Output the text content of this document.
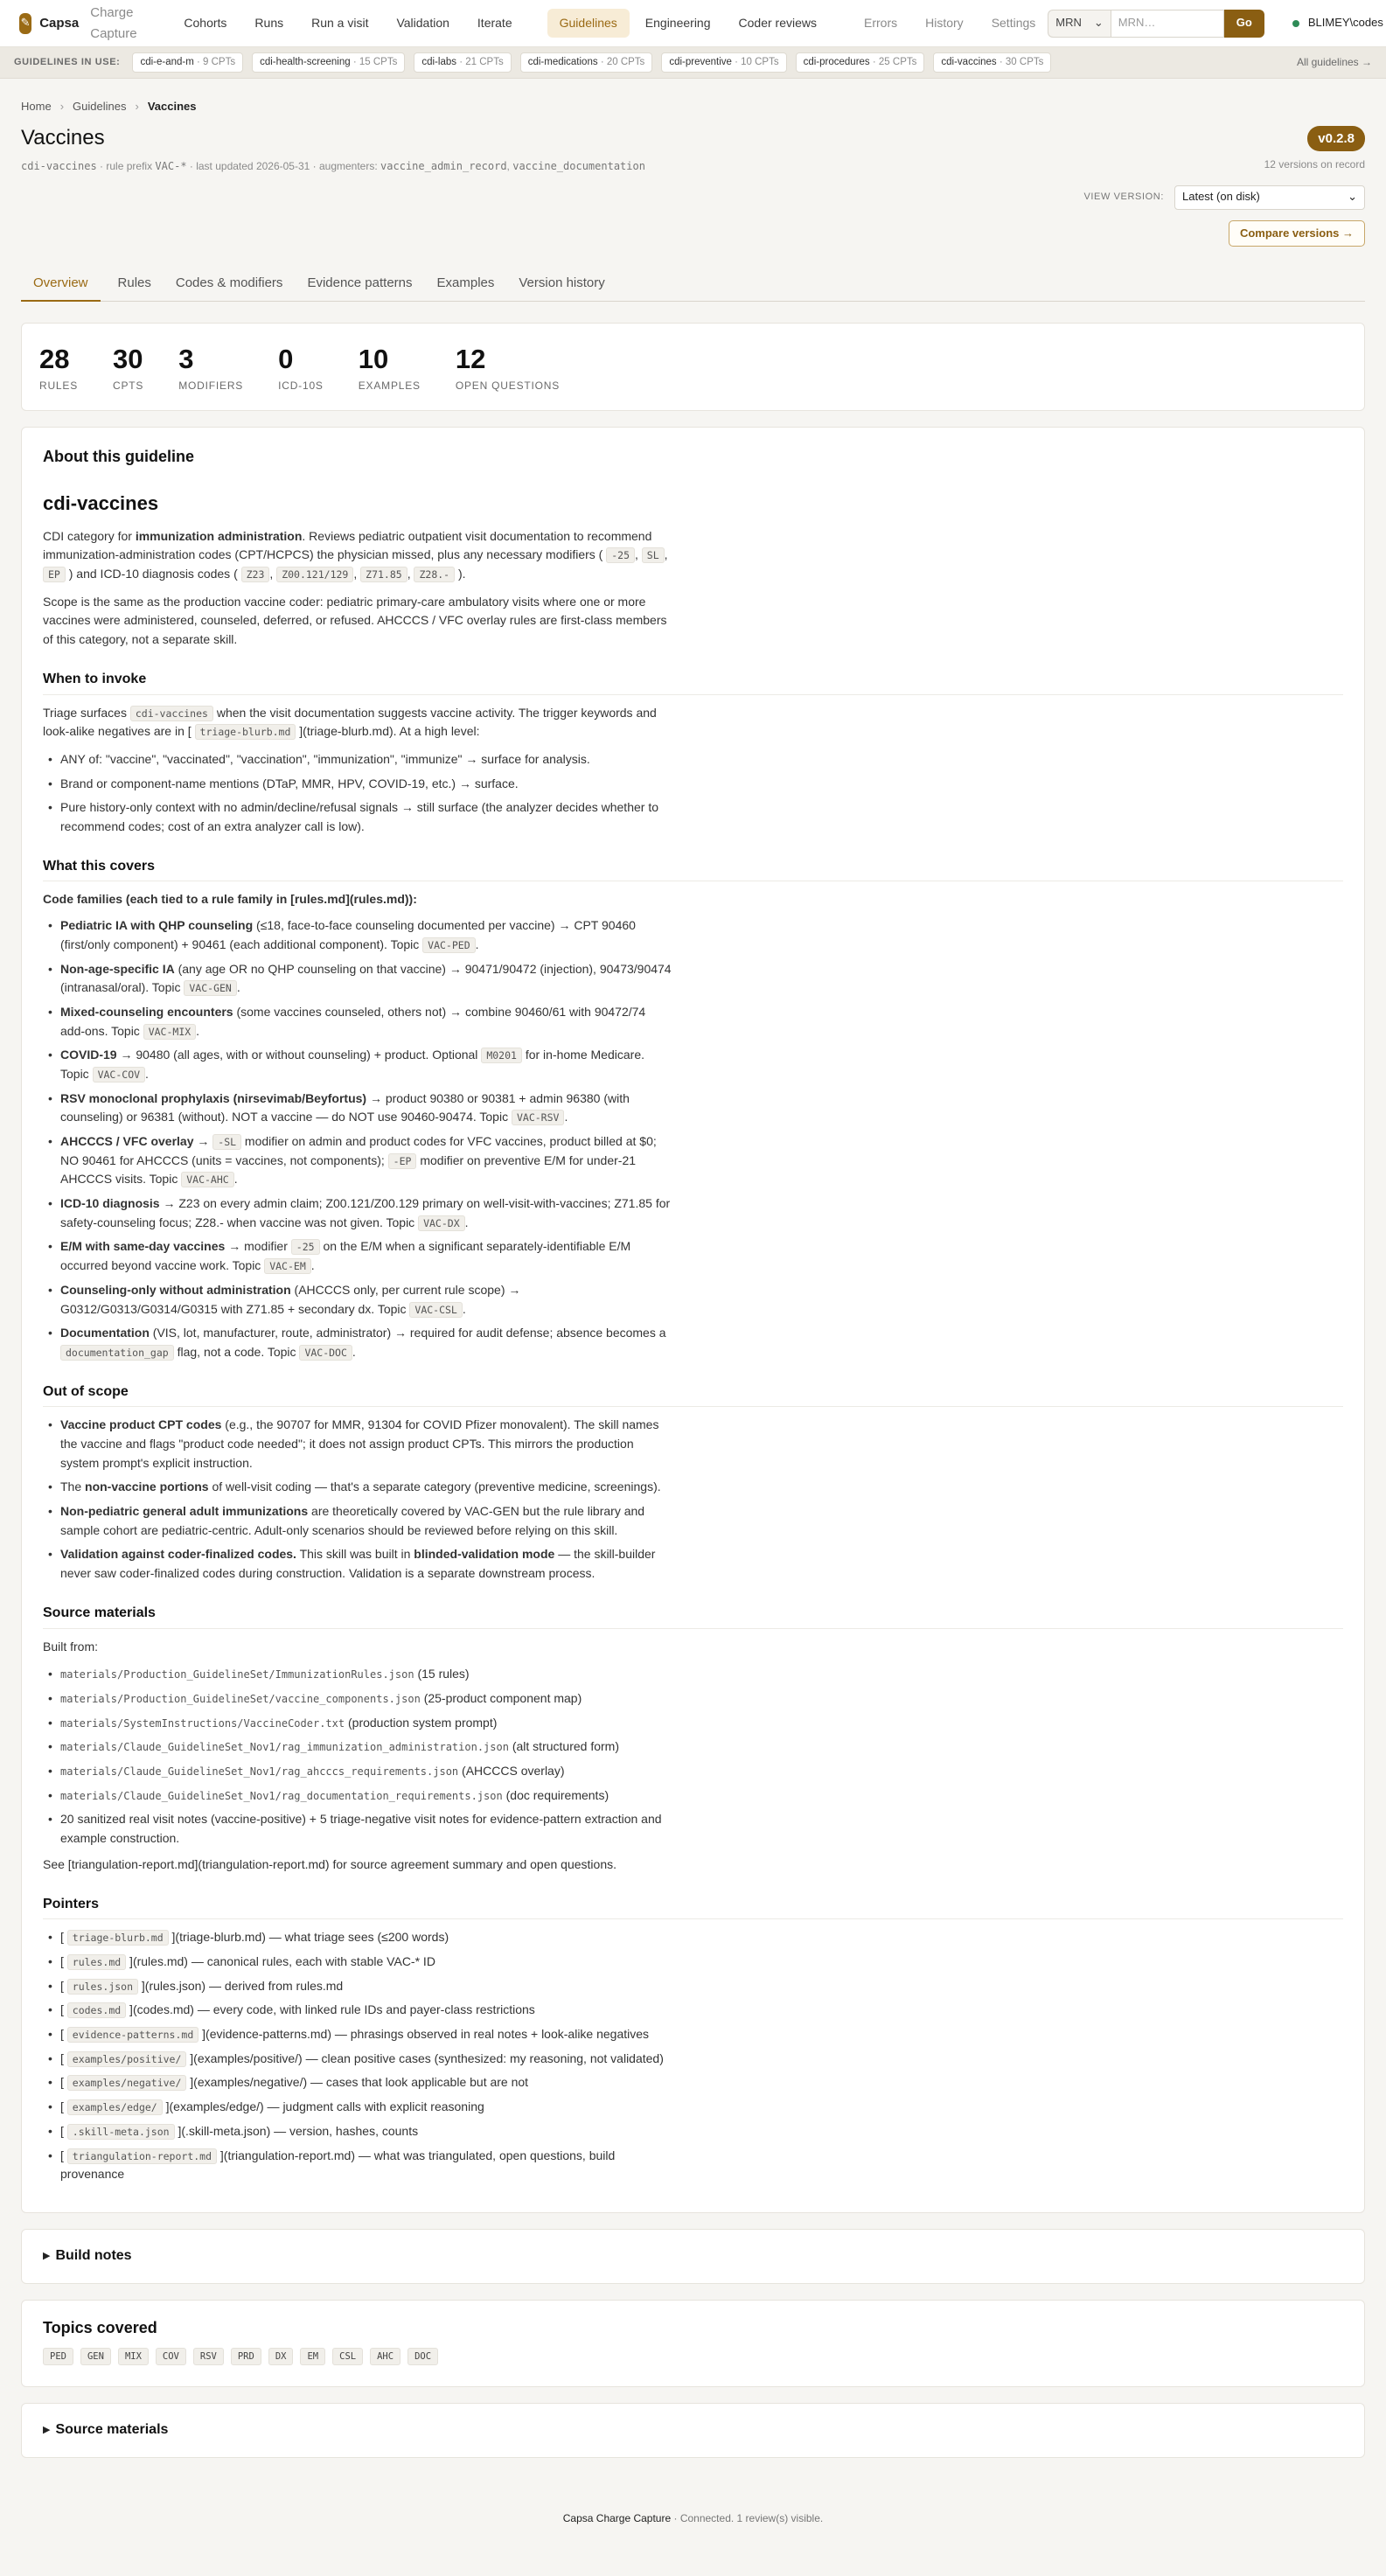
✎ Capsa
Charge Capture
Cohorts	Runs	Run a visit	Validation	Iterate	Guidelines	Engineering	Coder reviews	Errors	History	Settings	MRN ⌄	MRN…	Go	BLIMEY\codes
GUIDELINES IN USE:	cdi-e-and-m · 9 CPTs	cdi-health-screening · 15 CPTs	cdi-labs · 21 CPTs	cdi-medications · 20 CPTs	cdi-preventive · 10 CPTs	cdi-procedures · 25 CPTs	cdi-vaccines · 30 CPTs	All guidelines →
Home › Guidelines › Vaccines
Vaccines
cdi-vaccines · rule prefix VAC-* · last updated 2026-05-31 · augmenters: vaccine_admin_record, vaccine_documentation
v0.2.8
12 versions on record
VIEW VERSION: Latest (on disk)	⌄
Compare versions →
Overview	Rules Codes & modifiers Evidence patterns Examples Version history
28
RULES
30
CPTS
3
MODIFIERS
0
ICD-10S
10
EXAMPLES
12
OPEN QUESTIONS
About this guideline
cdi-vaccines

CDI category for immunization administration. Reviews pediatric outpatient visit documentation to recommend immunization-administration codes (CPT/HCPCS) the physician missed, plus any necessary modifiers ( -25 , SL , EP ) and ICD-10 diagnosis codes ( Z23 , Z00.121/129 , Z71.85 , Z28.- ).

Scope is the same as the production vaccine coder: pediatric primary-care ambulatory visits where one or more vaccines were administered, counseled, deferred, or refused. AHCCCS / VFC overlay rules are first-class members of this category, not a separate skill.

When to invoke

Triage surfaces cdi-vaccines when the visit documentation suggests vaccine activity. The trigger keywords and look-alike negatives are in [ triage-blurb.md ](triage-blurb.md). At a high level:

• ANY of: "vaccine", "vaccinated", "vaccination", "immunization", "immunize" → surface for analysis.
• Brand or component-name mentions (DTaP, MMR, HPV, COVID-19, etc.) → surface.
• Pure history-only context with no admin/decline/refusal signals → still surface (the analyzer decides whether to recommend codes; cost of an extra analyzer call is low).
What this covers

Code families (each tied to a rule family in [rules.md](rules.md)):

• Pediatric IA with QHP counseling (≤18, face-to-face counseling documented per vaccine) → CPT 90460 (first/only component) + 90461 (each additional component). Topic VAC-PED .
• Non-age-specific IA (any age OR no QHP counseling on that vaccine) → 90471/90472 (injection), 90473/90474 (intranasal/oral). Topic VAC-GEN .
• Mixed-counseling encounters (some vaccines counseled, others not) → combine 90460/61 with 90472/74 add-ons. Topic VAC-MIX .
• COVID-19 → 90480 (all ages, with or without counseling) + product. Optional M0201 for in-home Medicare. Topic VAC-COV .
• RSV monoclonal prophylaxis (nirsevimab/Beyfortus) → product 90380 or 90381 + admin 96380 (with counseling) or 96381 (without). NOT a vaccine — do NOT use 90460-90474. Topic VAC-RSV .
• AHCCCS / VFC overlay → -SL modifier on admin and product codes for VFC vaccines, product billed at $0; NO 90461 for AHCCCS (units = vaccines, not components); -EP modifier on preventive E/M for under-21 AHCCCS visits. Topic VAC-AHC .
• ICD-10 diagnosis → Z23 on every admin claim; Z00.121/Z00.129 primary on well-visit-with-vaccines; Z71.85 for safety-counseling focus; Z28.- when vaccine was not given. Topic VAC-DX .
• E/M with same-day vaccines → modifier -25 on the E/M when a significant separately-identifiable E/M occurred beyond vaccine work. Topic VAC-EM .
• Counseling-only without administration (AHCCCS only, per current rule scope) → G0312/G0313/G0314/G0315 with Z71.85 + secondary dx. Topic VAC-CSL .
• Documentation (VIS, lot, manufacturer, route, administrator) → required for audit defense; absence becomes a documentation_gap flag, not a code. Topic VAC-DOC .
Out of scope
• Vaccine product CPT codes (e.g., the 90707 for MMR, 91304 for COVID Pfizer monovalent). The skill names the vaccine and flags "product code needed"; it does not assign product CPTs. This mirrors the production system prompt's explicit instruction.
• The non-vaccine portions of well-visit coding — that's a separate category (preventive medicine, screenings).
• Non-pediatric general adult immunizations are theoretically covered by VAC-GEN but the rule library and sample cohort are pediatric-centric. Adult-only scenarios should be reviewed before relying on this skill.
• Validation against coder-finalized codes. This skill was built in blinded-validation mode — the skill-builder never saw coder-finalized codes during construction. Validation is a separate downstream process.
Source materials

Built from:

• materials/Production_GuidelineSet/ImmunizationRules.json (15 rules)
• materials/Production_GuidelineSet/vaccine_components.json (25-product component map)
• materials/SystemInstructions/VaccineCoder.txt (production system prompt)
• materials/Claude_GuidelineSet_Nov1/rag_immunization_administration.json (alt structured form)
• materials/Claude_GuidelineSet_Nov1/rag_ahcccs_requirements.json (AHCCCS overlay)
• materials/Claude_GuidelineSet_Nov1/rag_documentation_requirements.json (doc requirements)
• 20 sanitized real visit notes (vaccine-positive) + 5 triage-negative visit notes for evidence-pattern extraction and example construction.

See [triangulation-report.md](triangulation-report.md) for source agreement summary and open questions.

Pointers
• [ triage-blurb.md ](triage-blurb.md) — what triage sees (≤200 words)
• [ rules.md ](rules.md) — canonical rules, each with stable VAC-* ID
• [ rules.json ](rules.json) — derived from rules.md
• [ codes.md ](codes.md) — every code, with linked rule IDs and payer-class restrictions
• [ evidence-patterns.md ](evidence-patterns.md) — phrasings observed in real notes + look-alike negatives
• [ examples/positive/ ](examples/positive/) — clean positive cases (synthesized: my reasoning, not validated)
• [ examples/negative/ ](examples/negative/) — cases that look applicable but are not
• [ examples/edge/ ](examples/edge/) — judgment calls with explicit reasoning
• [ .skill-meta.json ](.skill-meta.json) — version, hashes, counts
• [ triangulation-report.md ](triangulation-report.md) — what was triangulated, open questions, build provenance
▶ Build notes
Topics covered
PED	GEN	MIX	COV	RSV	PRD	DX	EM	CSL	AHC	DOC
▶ Source materials
Capsa Charge Capture · Connected. 1 review(s) visible.
